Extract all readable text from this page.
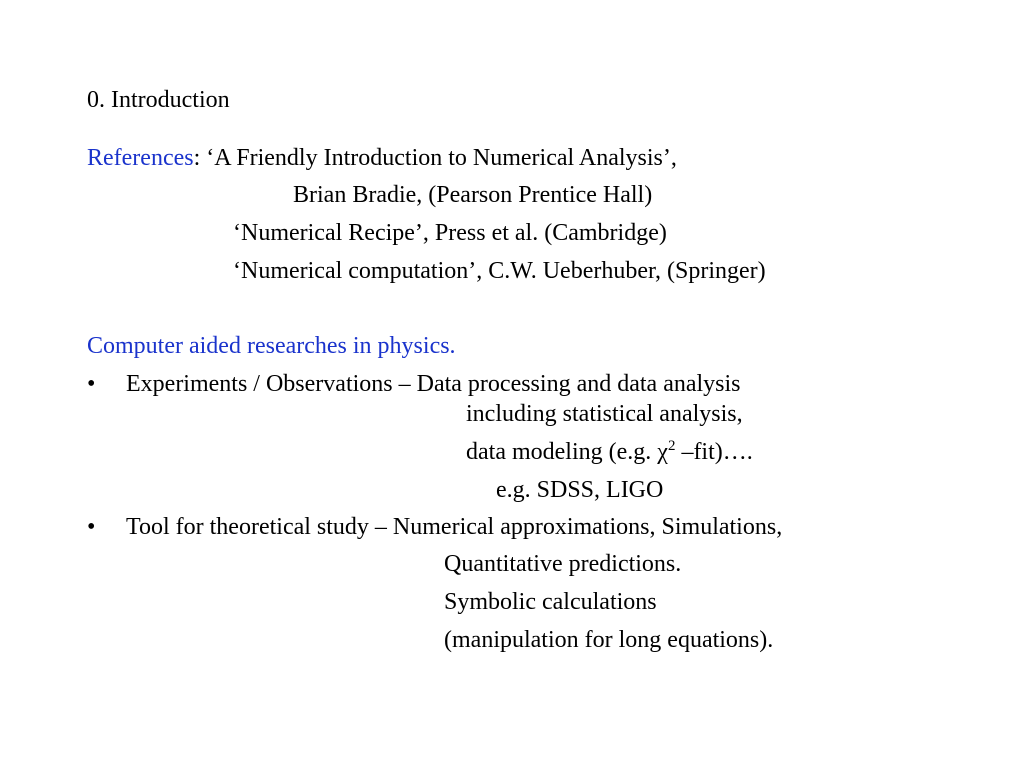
0. Introduction
References: ‘A Friendly Introduction to Numerical Analysis’,
Brian Bradie, (Pearson Prentice Hall)
‘Numerical Recipe’, Press et al. (Cambridge)
‘Numerical computation’, C.W. Ueberhuber, (Springer)
Computer aided researches in physics.
• Experiments / Observations – Data processing and data analysis
including statistical analysis,
data modeling (e.g. $\chi^2$ –fit)….
e.g. SDSS, LIGO
• Tool for theoretical study – Numerical approximations, Simulations,
Quantitative predictions.
Symbolic calculations
(manipulation for long equations).
